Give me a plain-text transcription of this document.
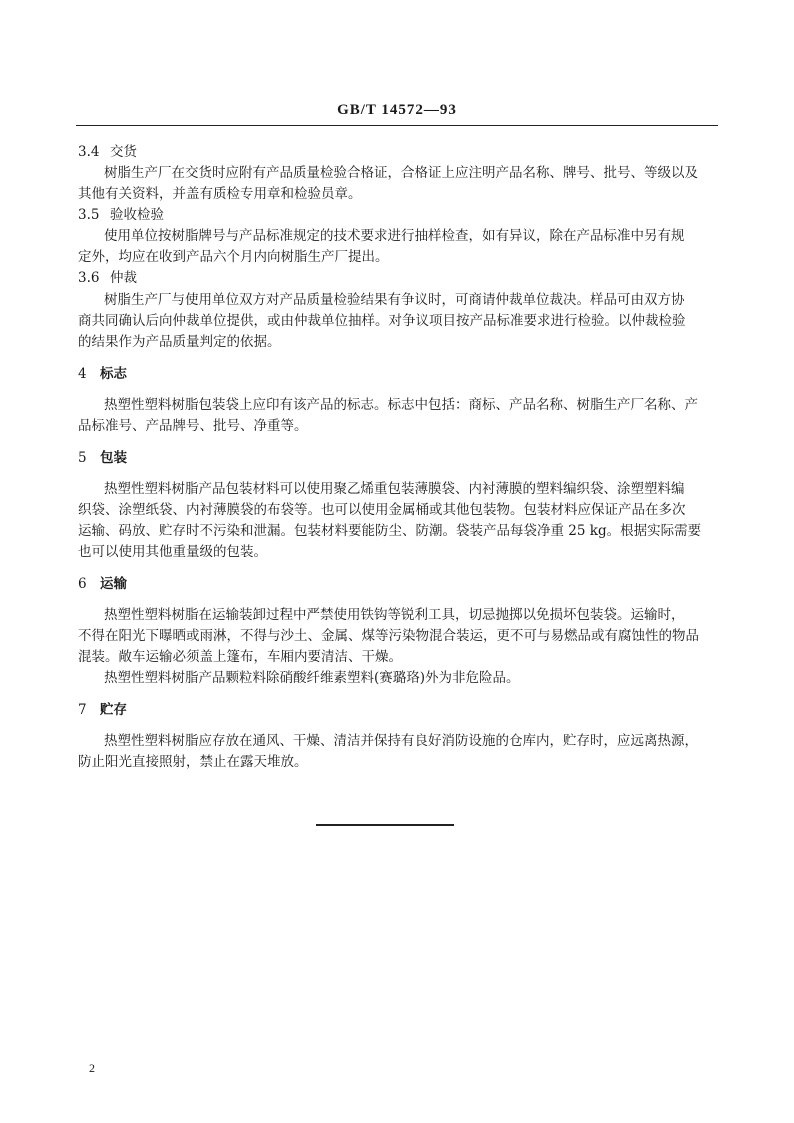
GB/T 14572—93
3.4 交货
树脂生产厂在交货时应附有产品质量检验合格证，合格证上应注明产品名称、牌号、批号、等级以及
其他有关资料，并盖有质检专用章和检验员章。
3.5 验收检验
使用单位按树脂牌号与产品标准规定的技术要求进行抽样检查，如有异议，除在产品标准中另有规
定外，均应在收到产品六个月内向树脂生产厂提出。
3.6 仲裁
树脂生产厂与使用单位双方对产品质量检验结果有争议时，可商请仲裁单位裁决。样品可由双方协
商共同确认后向仲裁单位提供，或由仲裁单位抽样。对争议项目按产品标准要求进行检验。以仲裁检验
的结果作为产品质量判定的依据。
4 标志
热塑性塑料树脂包装袋上应印有该产品的标志。标志中包括：商标、产品名称、树脂生产厂名称、产
品标准号、产品牌号、批号、净重等。
5 包装
热塑性塑料树脂产品包装材料可以使用聚乙烯重包装薄膜袋、内衬薄膜的塑料编织袋、涂塑塑料编
织袋、涂塑纸袋、内衬薄膜袋的布袋等。也可以使用金属桶或其他包装物。包装材料应保证产品在多次
运输、码放、贮存时不污染和泄漏。包装材料要能防尘、防潮。袋装产品每袋净重 25 kg。根据实际需要
也可以使用其他重量级的包装。
6 运输
热塑性塑料树脂在运输装卸过程中严禁使用铁钩等锐利工具，切忌抛掷以免损坏包装袋。运输时，
不得在阳光下曝晒或雨淋，不得与沙土、金属、煤等污染物混合装运，更不可与易燃品或有腐蚀性的物品
混装。敞车运输必须盖上篷布，车厢内要清洁、干燥。
热塑性塑料树脂产品颗粒料除硝酸纤维素塑料(赛璐珞)外为非危险品。
7 贮存
热塑性塑料树脂应存放在通风、干燥、清洁并保持有良好消防设施的仓库内，贮存时，应远离热源，
防止阳光直接照射，禁止在露天堆放。
2
